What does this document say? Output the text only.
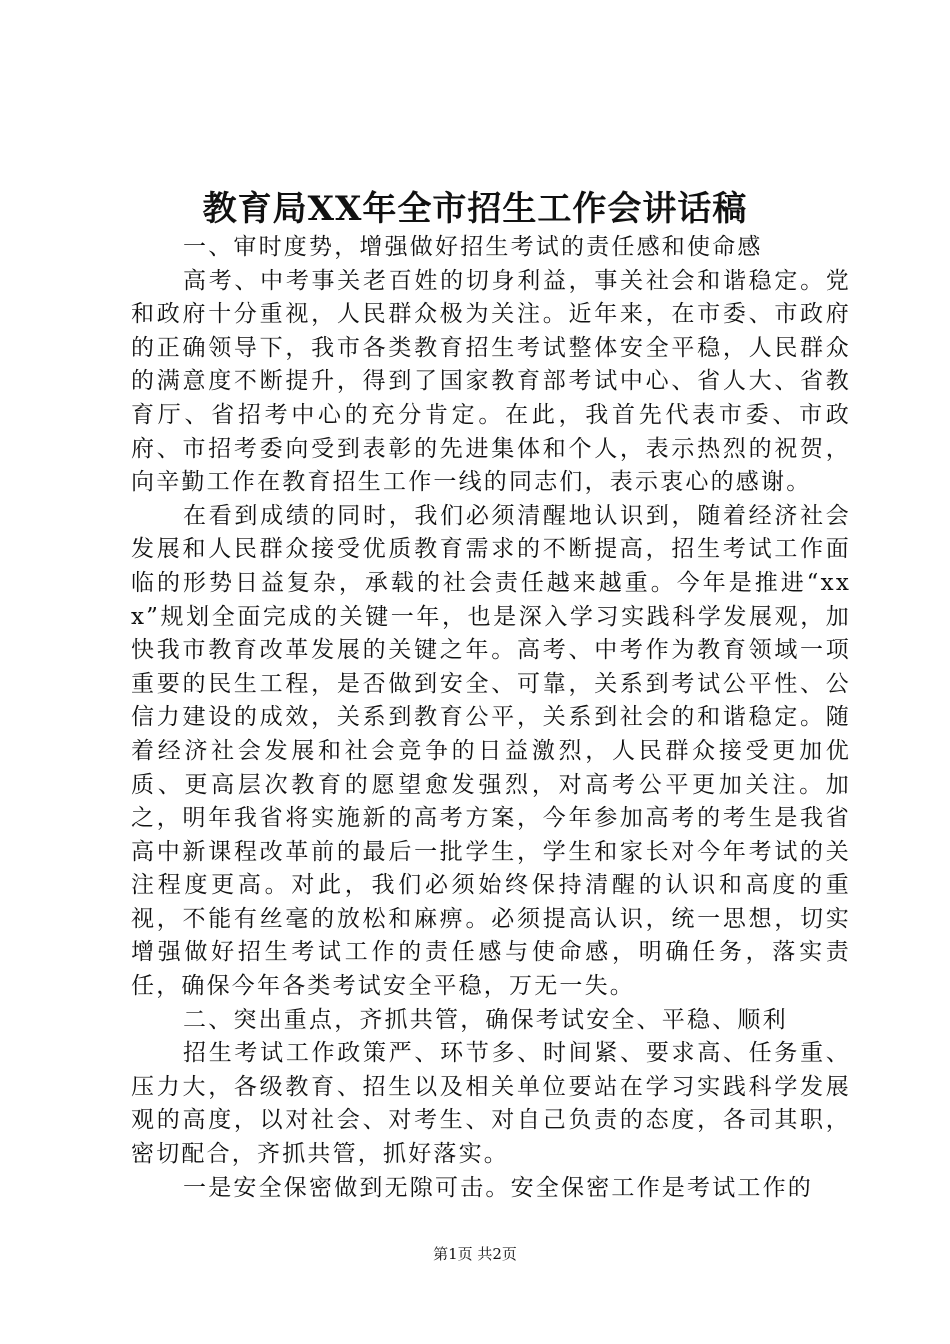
教育局XX年全市招生工作会讲话稿

一、审时度势，增强做好招生考试的责任感和使命感

高考、中考事关老百姓的切身利益，事关社会和谐稳定。党和政府十分重视，人民群众极为关注。近年来，在市委、市政府的正确领导下，我市各类教育招生考试整体安全平稳，人民群众的满意度不断提升，得到了国家教育部考试中心、省人大、省教育厅、省招考中心的充分肯定。在此，我首先代表市委、市政府、市招考委向受到表彰的先进集体和个人，表示热烈的祝贺，向辛勤工作在教育招生工作一线的同志们，表示衷心的感谢。

在看到成绩的同时，我们必须清醒地认识到，随着经济社会发展和人民群众接受优质教育需求的不断提高，招生考试工作面临的形势日益复杂，承载的社会责任越来越重。今年是推进“xxx”规划全面完成的关键一年，也是深入学习实践科学发展观，加快我市教育改革发展的关键之年。高考、中考作为教育领域一项重要的民生工程，是否做到安全、可靠，关系到考试公平性、公信力建设的成效，关系到教育公平，关系到社会的和谐稳定。随着经济社会发展和社会竞争的日益激烈，人民群众接受更加优质、更高层次教育的愿望愈发强烈，对高考公平更加关注。加之，明年我省将实施新的高考方案，今年参加高考的考生是我省高中新课程改革前的最后一批学生，学生和家长对今年考试的关注程度更高。对此，我们必须始终保持清醒的认识和高度的重视，不能有丝毫的放松和麻痹。必须提高认识，统一思想，切实增强做好招生考试工作的责任感与使命感，明确任务，落实责任，确保今年各类考试安全平稳，万无一失。

二、突出重点，齐抓共管，确保考试安全、平稳、顺利

招生考试工作政策严、环节多、时间紧、要求高、任务重、压力大，各级教育、招生以及相关单位要站在学习实践科学发展观的高度，以对社会、对考生、对自己负责的态度，各司其职，密切配合，齐抓共管，抓好落实。

一是安全保密做到无隙可击。安全保密工作是考试工作的

第1页 共2页
